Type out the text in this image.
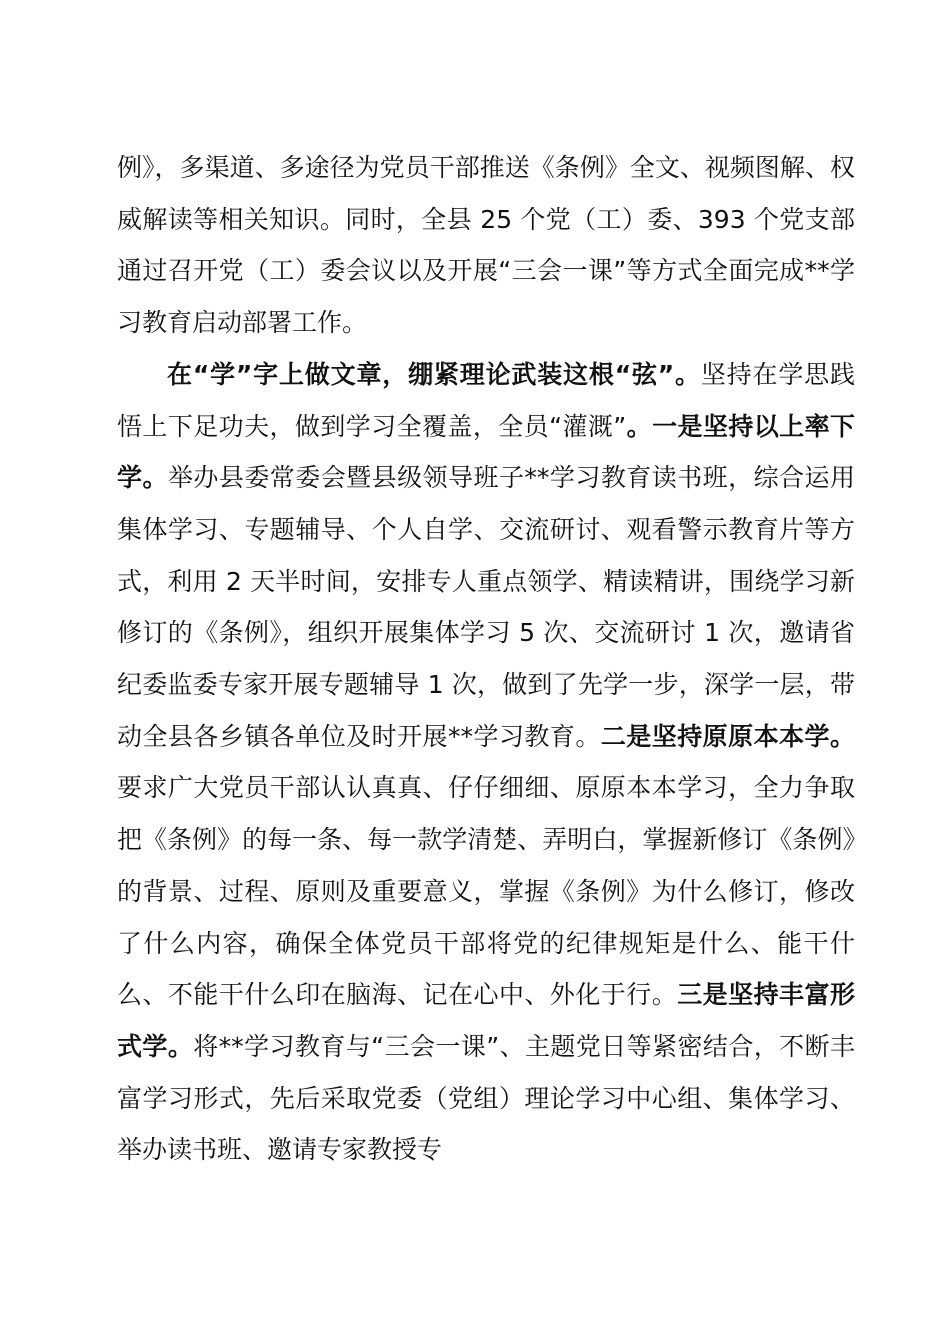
例》，多渠道、多途径为党员干部推送《条例》全文、视频图解、权威解读等相关知识。同时，全县 25 个党（工）委、393 个党支部通过召开党（工）委会议以及开展“三会一课”等方式全面完成**学习教育启动部署工作。

在“学”字上做文章，绷紧理论武装这根“弦”。坚持在学思践悟上下足功夫，做到学习全覆盖，全员“灌溉”。一是坚持以上率下学。举办县委常委会暨县级领导班子**学习教育读书班，综合运用集体学习、专题辅导、个人自学、交流研讨、观看警示教育片等方式，利用 2 天半时间，安排专人重点领学、精读精讲，围绕学习新修订的《条例》，组织开展集体学习 5 次、交流研讨 1 次，邀请省纪委监委专家开展专题辅导 1 次，做到了先学一步，深学一层，带动全县各乡镇各单位及时开展**学习教育。二是坚持原原本本学。要求广大党员干部认认真真、仔仔细细、原原本本学习，全力争取把《条例》的每一条、每一款学清楚、弄明白，掌握新修订《条例》的背景、过程、原则及重要意义，掌握《条例》为什么修订，修改了什么内容，确保全体党员干部将党的纪律规矩是什么、能干什么、不能干什么印在脑海、记在心中、外化于行。三是坚持丰富形式学。将**学习教育与“三会一课”、主题党日等紧密结合，不断丰富学习形式，先后采取党委（党组）理论学习中心组、集体学习、举办读书班、邀请专家教授专
